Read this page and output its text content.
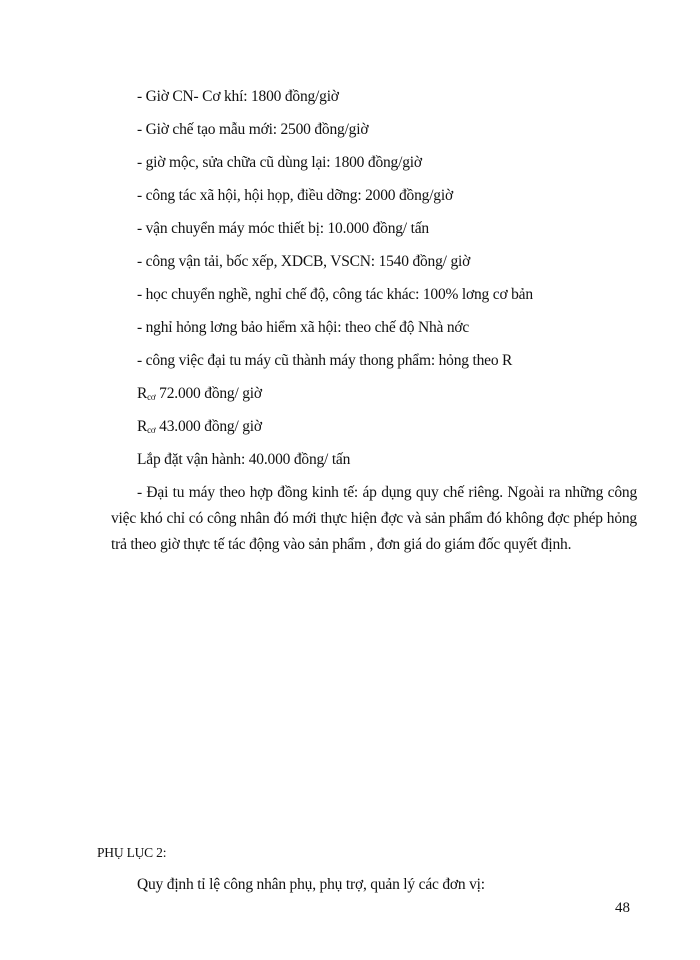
- Giờ CN- Cơ khí: 1800 đồng/giờ
- Giờ chế tạo mẫu mới: 2500 đồng/giờ
- giờ mộc, sửa chữa cũ dùng lại: 1800 đồng/giờ
- công tác xã hội, hội họp, điều dỡng: 2000 đồng/giờ
- vận chuyển máy móc thiết bị: 10.000 đồng/ tấn
- công vận tải, bốc xếp, XDCB, VSCN: 1540 đồng/ giờ
- học chuyển nghề, nghỉ chế độ, công tác khác: 100% lơng cơ bản
- nghỉ hỏng lơng bảo hiểm xã hội: theo chế độ Nhà nớc
- công việc đại tu máy cũ thành máy thong phẩm: hỏng theo R
$R_{cơ}$ 72.000 đồng/ giờ
$R_{cơ}$ 43.000 đồng/ giờ
Lắp đặt vận hành: 40.000 đồng/ tấn
- Đại tu máy theo hợp đồng kinh tế: áp dụng quy chế riêng. Ngoài ra những công việc khó chỉ có công nhân đó mới thực hiện đợc và sản phẩm đó không đợc phép hỏng trả theo giờ thực tế tác động vào sản phẩm , đơn giá do giám đốc quyết định.
PHỤ LỤC 2:
Quy định tỉ lệ công nhân phụ, phụ trợ, quản lý các đơn vị:
48
